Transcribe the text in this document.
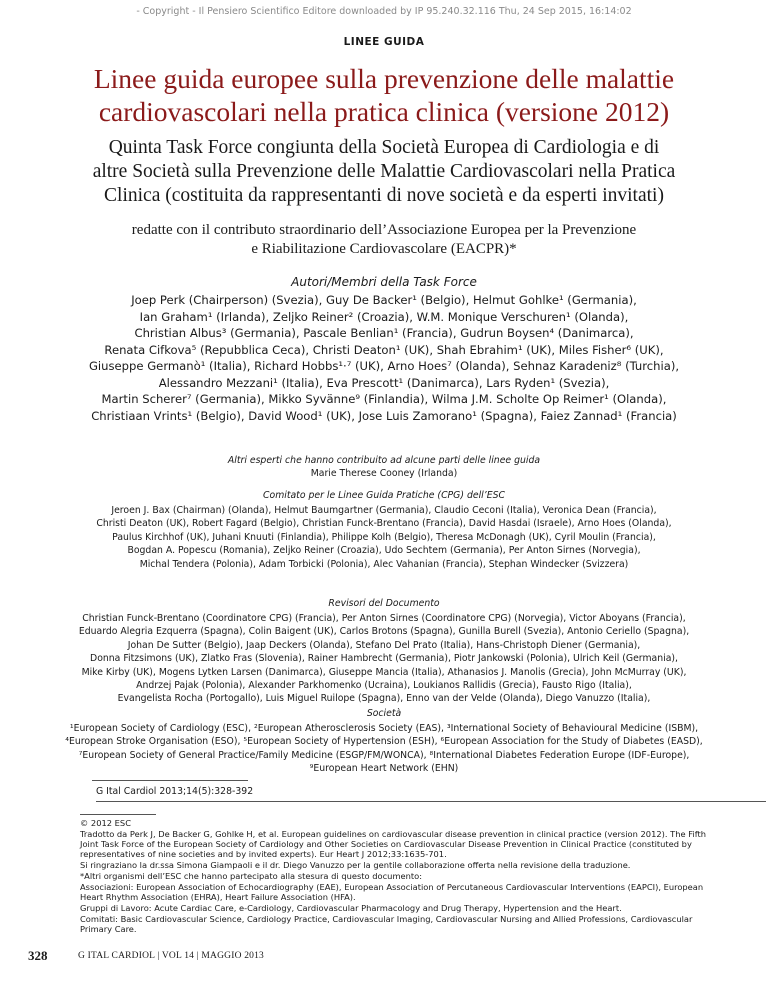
- Copyright - Il Pensiero Scientifico Editore downloaded by IP 95.240.32.116 Thu, 24 Sep 2015, 16:14:02
LINEE GUIDA
Linee guida europee sulla prevenzione delle malattie
cardiovascolari nella pratica clinica (versione 2012)
Quinta Task Force congiunta della Società Europea di Cardiologia e di
altre Società sulla Prevenzione delle Malattie Cardiovascolari nella Pratica
Clinica (costituita da rappresentanti di nove società e da esperti invitati)
redatte con il contributo straordinario dell’Associazione Europea per la Prevenzione
e Riabilitazione Cardiovascolare (EACPR)*
Autori/Membri della Task Force
Joep Perk (Chairperson) (Svezia), Guy De Backer¹ (Belgio), Helmut Gohlke¹ (Germania),
Ian Graham¹ (Irlanda), Zeljko Reiner² (Croazia), W.M. Monique Verschuren¹ (Olanda),
Christian Albus³ (Germania), Pascale Benlian¹ (Francia), Gudrun Boysen⁴ (Danimarca),
Renata Cifkova⁵ (Repubblica Ceca), Christi Deaton¹ (UK), Shah Ebrahim¹ (UK), Miles Fisher⁶ (UK),
Giuseppe Germanò¹ (Italia), Richard Hobbs¹·⁷ (UK), Arno Hoes⁷ (Olanda), Sehnaz Karadeniz⁸ (Turchia),
Alessandro Mezzani¹ (Italia), Eva Prescott¹ (Danimarca), Lars Ryden¹ (Svezia),
Martin Scherer⁷ (Germania), Mikko Syvänne⁹ (Finlandia), Wilma J.M. Scholte Op Reimer¹ (Olanda),
Christiaan Vrints¹ (Belgio), David Wood¹ (UK), Jose Luis Zamorano¹ (Spagna), Faiez Zannad¹ (Francia)
Altri esperti che hanno contribuito ad alcune parti delle linee guida
Marie Therese Cooney (Irlanda)
Comitato per le Linee Guida Pratiche (CPG) dell’ESC
Jeroen J. Bax (Chairman) (Olanda), Helmut Baumgartner (Germania), Claudio Ceconi (Italia), Veronica Dean (Francia),
Christi Deaton (UK), Robert Fagard (Belgio), Christian Funck-Brentano (Francia), David Hasdai (Israele), Arno Hoes (Olanda),
Paulus Kirchhof (UK), Juhani Knuuti (Finlandia), Philippe Kolh (Belgio), Theresa McDonagh (UK), Cyril Moulin (Francia),
Bogdan A. Popescu (Romania), Zeljko Reiner (Croazia), Udo Sechtem (Germania), Per Anton Sirnes (Norvegia),
Michal Tendera (Polonia), Adam Torbicki (Polonia), Alec Vahanian (Francia), Stephan Windecker (Svizzera)
Revisori del Documento
Christian Funck-Brentano (Coordinatore CPG) (Francia), Per Anton Sirnes (Coordinatore CPG) (Norvegia), Victor Aboyans (Francia),
Eduardo Alegria Ezquerra (Spagna), Colin Baigent (UK), Carlos Brotons (Spagna), Gunilla Burell (Svezia), Antonio Ceriello (Spagna),
Johan De Sutter (Belgio), Jaap Deckers (Olanda), Stefano Del Prato (Italia), Hans-Christoph Diener (Germania),
Donna Fitzsimons (UK), Zlatko Fras (Slovenia), Rainer Hambrecht (Germania), Piotr Jankowski (Polonia), Ulrich Keil (Germania),
Mike Kirby (UK), Mogens Lytken Larsen (Danimarca), Giuseppe Mancia (Italia), Athanasios J. Manolis (Grecia), John McMurray (UK),
Andrzej Pajak (Polonia), Alexander Parkhomenko (Ucraina), Loukianos Rallidis (Grecia), Fausto Rigo (Italia),
Evangelista Rocha (Portogallo), Luis Miguel Ruilope (Spagna), Enno van der Velde (Olanda), Diego Vanuzzo (Italia),
Società
¹European Society of Cardiology (ESC), ²European Atherosclerosis Society (EAS), ³International Society of Behavioural Medicine (ISBM),
⁴European Stroke Organisation (ESO), ⁵European Society of Hypertension (ESH), ⁶European Association for the Study of Diabetes (EASD),
⁷European Society of General Practice/Family Medicine (ESGP/FM/WONCA), ⁸International Diabetes Federation Europe (IDF-Europe),
⁹European Heart Network (EHN)
G Ital Cardiol 2013;14(5):328-392

© 2012 ESC

Tradotto da Perk J, De Backer G, Gohlke H, et al. European guidelines on cardiovascular disease prevention in clinical practice (version 2012). The Fifth Joint Task Force of the European Society of Cardiology and Other Societies on Cardiovascular Disease Prevention in Clinical Practice (constituted by representatives of nine societies and by invited experts). Eur Heart J 2012;33:1635-701.

Si ringraziano la dr.ssa Simona Giampaoli e il dr. Diego Vanuzzo per la gentile collaborazione offerta nella revisione della traduzione.

*Altri organismi dell’ESC che hanno partecipato alla stesura di questo documento:

Associazioni: European Association of Echocardiography (EAE), European Association of Percutaneous Cardiovascular Interventions (EAPCI), European Heart Rhythm Association (EHRA), Heart Failure Association (HFA).

Gruppi di Lavoro: Acute Cardiac Care, e-Cardiology, Cardiovascular Pharmacology and Drug Therapy, Hypertension and the Heart.

Comitati: Basic Cardiovascular Science, Cardiology Practice, Cardiovascular Imaging, Cardiovascular Nursing and Allied Professions, Cardiovascular Primary Care.

328	G ITAL CARDIOL | VOL 14 | MAGGIO 2013
